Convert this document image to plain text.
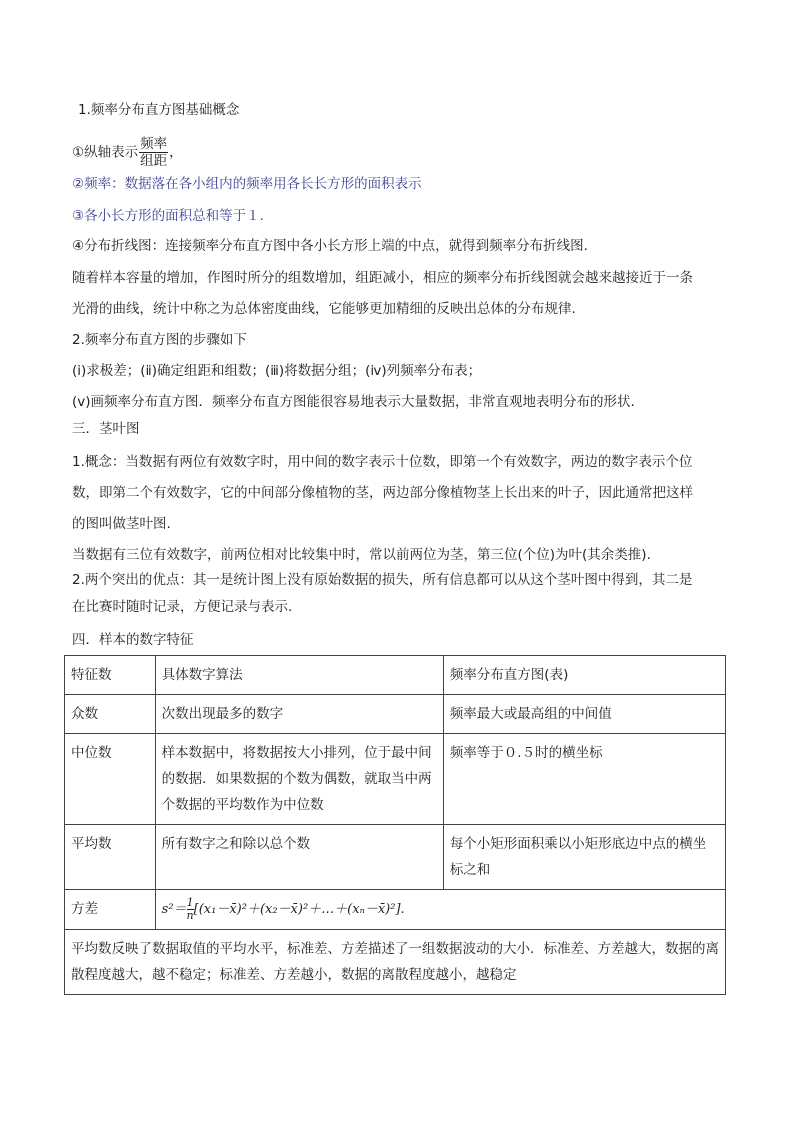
1.频率分布直方图基础概念
①纵轴表示 $\frac{\text{频率}}{\text{组距}}$ ，
②频率：数据落在各小组内的频率用各长长方形的面积表示
③各小长方形的面积总和等于１.
④分布折线图：连接频率分布直方图中各小长方形上端的中点，就得到频率分布折线图.
随着样本容量的增加，作图时所分的组数增加，组距减小，相应的频率分布折线图就会越来越接近于一条
光滑的曲线，统计中称之为总体密度曲线，它能够更加精细的反映出总体的分布规律.
2.频率分布直方图的步骤如下
(ⅰ)求极差；(ⅱ)确定组距和组数；(ⅲ)将数据分组；(ⅳ)列频率分布表；
(ⅴ)画频率分布直方图．频率分布直方图能很容易地表示大量数据，非常直观地表明分布的形状.
三．茎叶图
1.概念：当数据有两位有效数字时，用中间的数字表示十位数，即第一个有效数字，两边的数字表示个位
数，即第二个有效数字，它的中间部分像植物的茎，两边部分像植物茎上长出来的叶子，因此通常把这样
的图叫做茎叶图.
当数据有三位有效数字，前两位相对比较集中时，常以前两位为茎，第三位(个位)为叶(其余类推).
2.两个突出的优点：其一是统计图上没有原始数据的损失，所有信息都可以从这个茎叶图中得到，其二是
在比赛时随时记录，方便记录与表示.
四．样本的数字特征
特征数	具体数字算法	频率分布直方图(表)
众数	次数出现最多的数字	频率最大或最高组的中间值
中位数	样本数据中，将数据按大小排列，位于最中间的数据．如果数据的个数为偶数，就取当中两个数据的平均数作为中位数	频率等于０.５时的横坐标
平均数	所有数字之和除以总个数	每个小矩形面积乘以小矩形底边中点的横坐标之和
方差	$s^2= \frac{1}{n}$ [(x₁－x̄)²＋(x₂－x̄)²＋…＋(xₙ－x̄)²].	
平均数反映了数据取值的平均水平，标准差、方差描述了一组数据波动的大小．标准差、方差越大，数据的离散程度越大，越不稳定；标准差、方差越小，数据的离散程度越小，越稳定		
